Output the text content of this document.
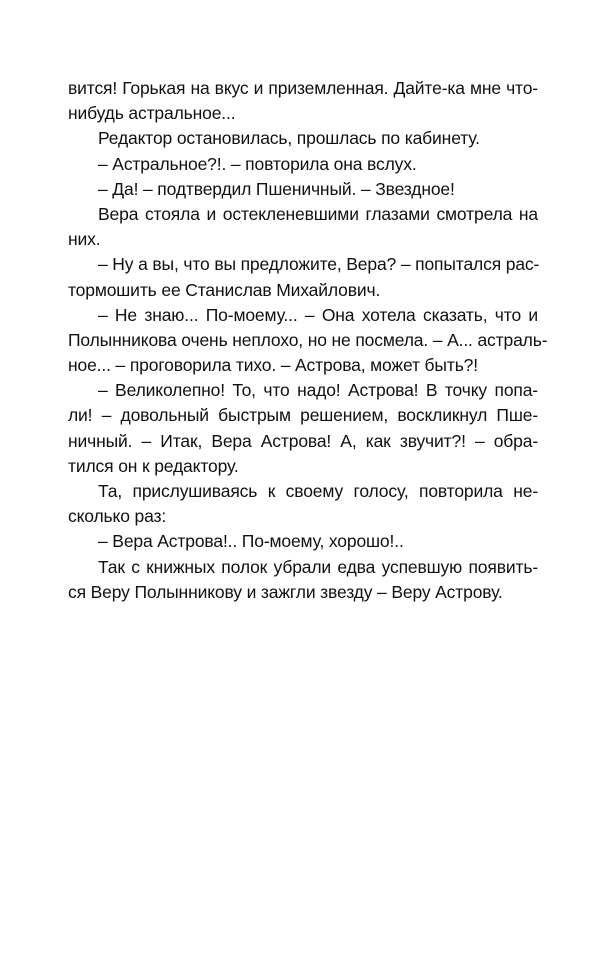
вится! Горькая на вкус и приземленная. Дайте-ка мне что-
нибудь астральное...
Редактор остановилась, прошлась по кабинету.
– Астральное?!. – повторила она вслух.
– Да! – подтвердил Пшеничный. – Звездное!
Вера стояла и остекленевшими глазами смотрела на
них.
– Ну а вы, что вы предложите, Вера? – попытался рас-
тормошить ее Станислав Михайлович.
– Не знаю... По-моему... – Она хотела сказать, что и
Полынникова очень неплохо, но не посмела. – А... астраль-
ное... – проговорила тихо. – Астрова, может быть?!
– Великолепно! То, что надо! Астрова! В точку попа-
ли! – довольный быстрым решением, воскликнул Пше-
ничный. – Итак, Вера Астрова! А, как звучит?! – обра-
тился он к редактору.
Та, прислушиваясь к своему голосу, повторила не-
сколько раз:
– Вера Астрова!.. По-моему, хорошо!..
Так с книжных полок убрали едва успевшую появить-
ся Веру Полынникову и зажгли звезду – Веру Астрову.
